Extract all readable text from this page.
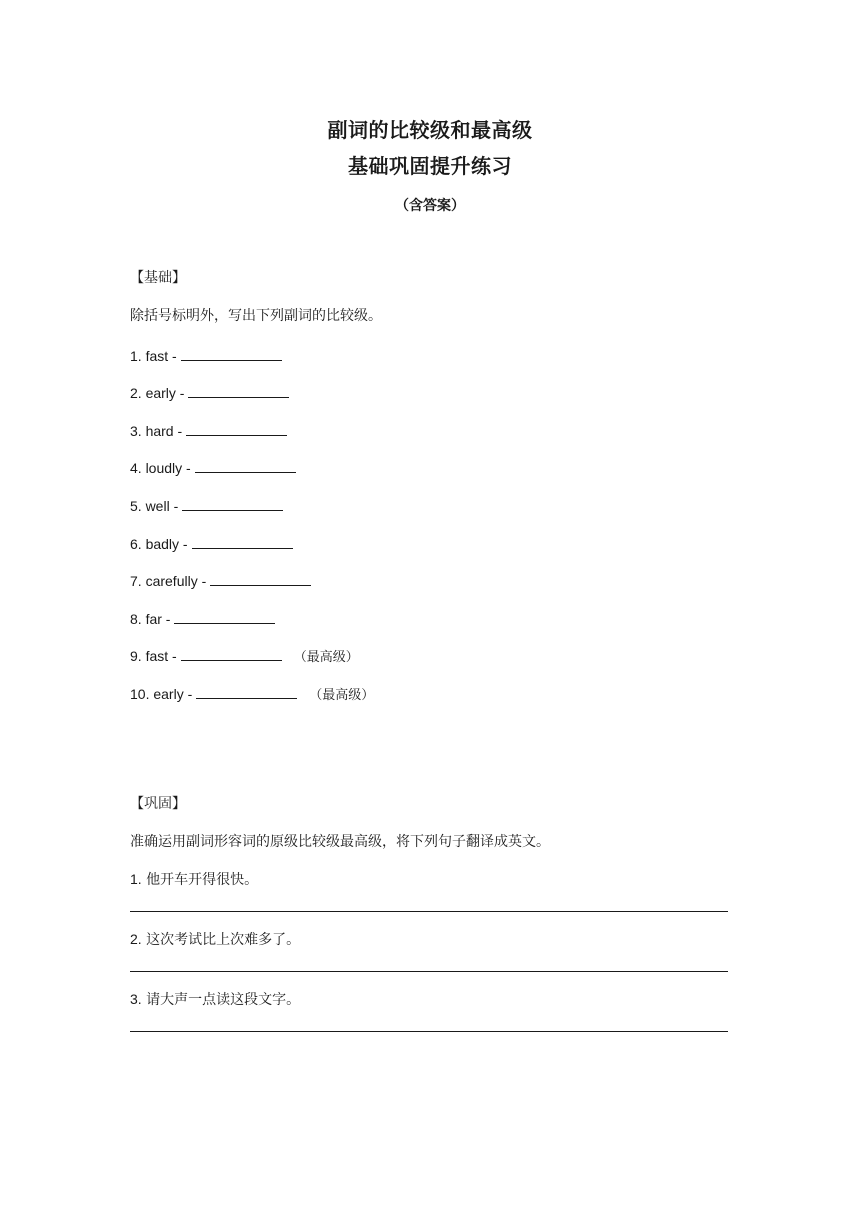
副词的比较级和最高级
基础巩固提升练习
（含答案）
【基础】
除括号标明外，写出下列副词的比较级。
1. fast -
2. early -
3. hard -
4. loudly -
5. well -
6. badly -
7. carefully -
8. far -
9. fast -	（最高级）
10. early -	（最高级）
【巩固】
准确运用副词形容词的原级比较级最高级，将下列句子翻译成英文。
1. 他开车开得很快。
2. 这次考试比上次难多了。
3. 请大声一点读这段文字。
